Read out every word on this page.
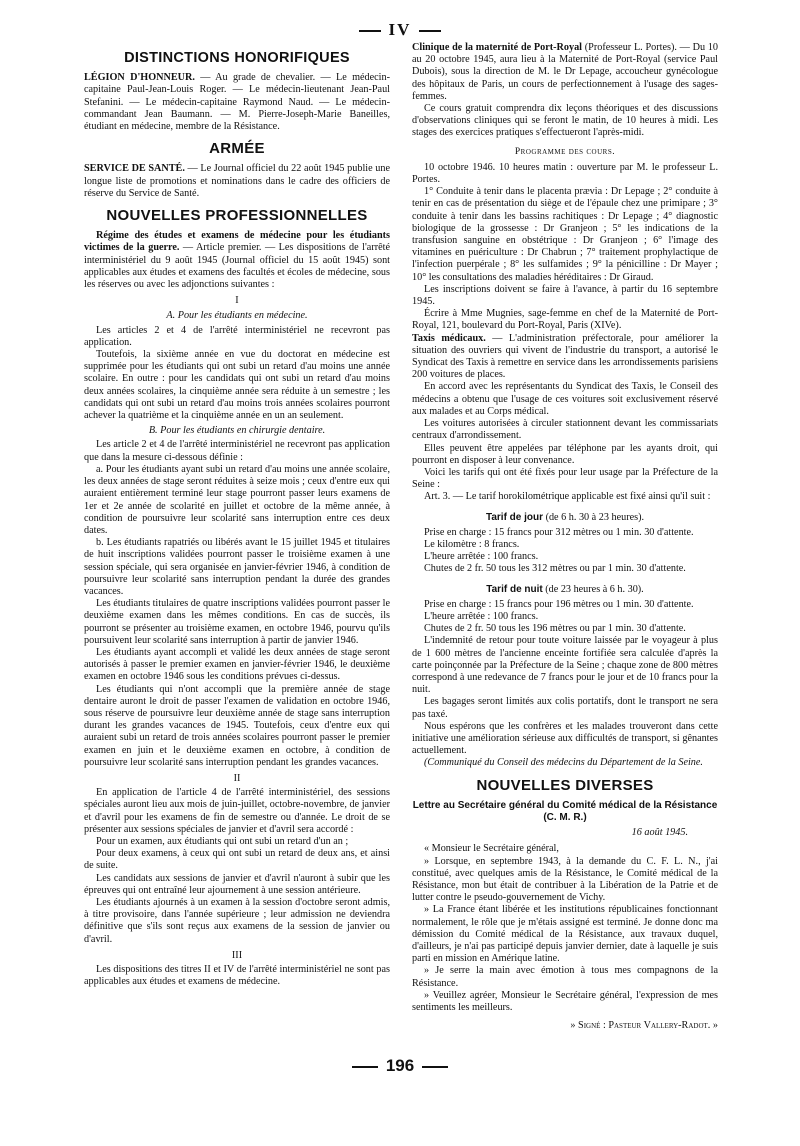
IV
DISTINCTIONS HONORIFIQUES

LÉGION D'HONNEUR. — Au grade de chevalier. — Le médecin-capitaine Paul-Jean-Louis Roger. — Le médecin-lieutenant Jean-Paul Stefanini. — Le médecin-capitaine Raymond Naud. — Le médecin-commandant Jean Baumann. — M. Pierre-Joseph-Marie Baneilles, étudiant en médecine, membre de la Résistance.

ARMÉE

SERVICE DE SANTÉ. — Le Journal officiel du 22 août 1945 publie une longue liste de promotions et nominations dans le cadre des officiers de réserve du Service de Santé.

NOUVELLES PROFESSIONNELLES

Régime des études et examens de médecine pour les étudiants victimes de la guerre. — Article premier. — Les dispositions de l'arrêté interministériel du 9 août 1945 (Journal officiel du 15 août 1945) sont applicables aux études et examens des facultés et écoles de médecine, sous les réserves ou avec les adjonctions suivantes :

I
A. Pour les étudiants en médecine.

Les articles 2 et 4 de l'arrêté interministériel ne recevront pas application.

Toutefois, la sixième année en vue du doctorat en médecine est supprimée pour les étudiants qui ont subi un retard d'au moins une année scolaire. En outre : pour les candidats qui ont subi un retard d'au moins deux années scolaires, la cinquième année sera réduite à un semestre ; les candidats qui ont subi un retard d'au moins trois années scolaires pourront achever la quatrième et la cinquième année en un an seulement.

B. Pour les étudiants en chirurgie dentaire.

Les article 2 et 4 de l'arrêté interministériel ne recevront pas application que dans la mesure ci-dessous définie :

a. Pour les étudiants ayant subi un retard d'au moins une année scolaire, les deux années de stage seront réduites à seize mois ; ceux d'entre eux qui auraient entièrement terminé leur stage pourront passer leurs examens de 1er et 2e année de scolarité en juillet et octobre de la même année, à condition de poursuivre leur scolarité sans interruption entre ces deux dates.

b. Les étudiants rapatriés ou libérés avant le 15 juillet 1945 et titulaires de huit inscriptions validées pourront passer le troisième examen à une session spéciale, qui sera organisée en janvier-février 1946, à condition de poursuivre leur scolarité sans interruption pendant la durée des grandes vacances.

Les étudiants titulaires de quatre inscriptions validées pourront passer le deuxième examen dans les mêmes conditions. En cas de succès, ils pourront se présenter au troisième examen, en octobre 1946, pourvu qu'ils poursuivent leur scolarité sans interruption à partir de janvier 1946.

Les étudiants ayant accompli et validé les deux années de stage seront autorisés à passer le premier examen en janvier-février 1946, le deuxième examen en octobre 1946 sous les conditions prévues ci-dessus.

Les étudiants qui n'ont accompli que la première année de stage dentaire auront le droit de passer l'examen de validation en octobre 1946, sous réserve de poursuivre leur deuxième année de stage sans interruption durant les grandes vacances de 1945. Toutefois, ceux d'entre eux qui auraient subi un retard de trois années scolaires pourront passer le premier examen en juin et le deuxième examen en octobre, à condition de poursuivre leur scolarité sans interruption pendant les grandes vacances.

II

En application de l'article 4 de l'arrêté interministériel, des sessions spéciales auront lieu aux mois de juin-juillet, octobre-novembre, de janvier et d'avril pour les examens de fin de semestre ou d'année. Le droit de se présenter aux sessions spéciales de janvier et d'avril sera accordé :

Pour un examen, aux étudiants qui ont subi un retard d'un an ;

Pour deux examens, à ceux qui ont subi un retard de deux ans, et ainsi de suite.

Les candidats aux sessions de janvier et d'avril n'auront à subir que les épreuves qui ont entraîné leur ajournement à une session antérieure.

Les étudiants ajournés à un examen à la session d'octobre seront admis, à titre provisoire, dans l'année supérieure ; leur admission ne deviendra définitive que s'ils sont reçus aux examens de la session de janvier ou d'avril.

III

Les dispositions des titres II et IV de l'arrêté interministériel ne sont pas applicables aux études et examens de médecine.

Clinique de la maternité de Port-Royal (Professeur L. Portes). — Du 10 au 20 octobre 1945, aura lieu à la Maternité de Port-Royal (service Paul Dubois), sous la direction de M. le Dr Lepage, accoucheur gynécologue des hôpitaux de Paris, un cours de perfectionnement à l'usage des sages-femmes.

Ce cours gratuit comprendra dix leçons théoriques et des discussions d'observations cliniques qui se feront le matin, de 10 heures à midi. Les stages des exercices pratiques s'effectueront l'après-midi.

Programme des cours.

10 octobre 1946. 10 heures matin : ouverture par M. le professeur L. Portes.

1° Conduite à tenir dans le placenta prævia : Dr Lepage ; 2° conduite à tenir en cas de présentation du siège et de l'épaule chez une primipare ; 3° conduite à tenir dans les bassins rachitiques : Dr Lepage ; 4° diagnostic biologique de la grossesse : Dr Granjeon ; 5° les indications de la transfusion sanguine en obstétrique : Dr Granjeon ; 6° l'image des vitamines en puériculture : Dr Chabrun ; 7° traitement prophylactique de l'infection puerpérale ; 8° les sulfamides ; 9° la pénicilline : Dr Mayer ; 10° les consultations des maladies héréditaires : Dr Giraud.

Les inscriptions doivent se faire à l'avance, à partir du 16 septembre 1945.

Écrire à Mme Mugnies, sage-femme en chef de la Maternité de Port-Royal, 121, boulevard du Port-Royal, Paris (XIVe).

Taxis médicaux. — L'administration préfectorale, pour améliorer la situation des ouvriers qui vivent de l'industrie du transport, a autorisé le Syndicat des Taxis à remettre en service dans les arrondissements parisiens 200 voitures de places.

En accord avec les représentants du Syndicat des Taxis, le Conseil des médecins a obtenu que l'usage de ces voitures soit exclusivement réservé aux malades et au Corps médical.

Les voitures autorisées à circuler stationnent devant les commissariats centraux d'arrondissement.

Elles peuvent être appelées par téléphone par les ayants droit, qui pourront en disposer à leur convenance.

Voici les tarifs qui ont été fixés pour leur usage par la Préfecture de la Seine :

Art. 3. — Le tarif horokilométrique applicable est fixé ainsi qu'il suit :

Tarif de jour (de 6 h. 30 à 23 heures).

Prise en charge : 15 francs pour 312 mètres ou 1 min. 30 d'attente.

Le kilomètre : 8 francs.

L'heure arrêtée : 100 francs.

Chutes de 2 fr. 50 tous les 312 mètres ou par 1 min. 30 d'attente.

Tarif de nuit (de 23 heures à 6 h. 30).

Prise en charge : 15 francs pour 196 mètres ou 1 min. 30 d'attente.

L'heure arrêtée : 100 francs.

Chutes de 2 fr. 50 tous les 196 mètres ou par 1 min. 30 d'attente.

L'indemnité de retour pour toute voiture laissée par le voyageur à plus de 1 600 mètres de l'ancienne enceinte fortifiée sera calculée d'après la carte poinçonnée par la Préfecture de la Seine ; chaque zone de 800 mètres correspond à une redevance de 7 francs pour le jour et de 10 francs pour la nuit.

Les bagages seront limités aux colis portatifs, dont le transport ne sera pas taxé.

Nous espérons que les confrères et les malades trouveront dans cette initiative une amélioration sérieuse aux difficultés de transport, si gênantes actuellement.

(Communiqué du Conseil des médecins du Département de la Seine.

NOUVELLES DIVERSES
Lettre au Secrétaire général du Comité médical de la Résistance (C. M. R.)
16 août 1945.

« Monsieur le Secrétaire général,

» Lorsque, en septembre 1943, à la demande du C. F. L. N., j'ai constitué, avec quelques amis de la Résistance, le Comité médical de la Résistance, mon but était de contribuer à la Libération de la Patrie et de lutter contre le pseudo-gouvernement de Vichy.

» La France étant libérée et les institutions républicaines fonctionnant normalement, le rôle que je m'étais assigné est terminé. Je donne donc ma démission du Comité médical de la Résistance, aux travaux duquel, d'ailleurs, je n'ai pas participé depuis janvier dernier, date à laquelle je suis parti en mission en Amérique latine.

» Je serre la main avec émotion à tous mes compagnons de la Résistance.

» Veuillez agréer, Monsieur le Secrétaire général, l'expression de mes sentiments les meilleurs.

» Signé : Pasteur Vallery-Radot. »
196
